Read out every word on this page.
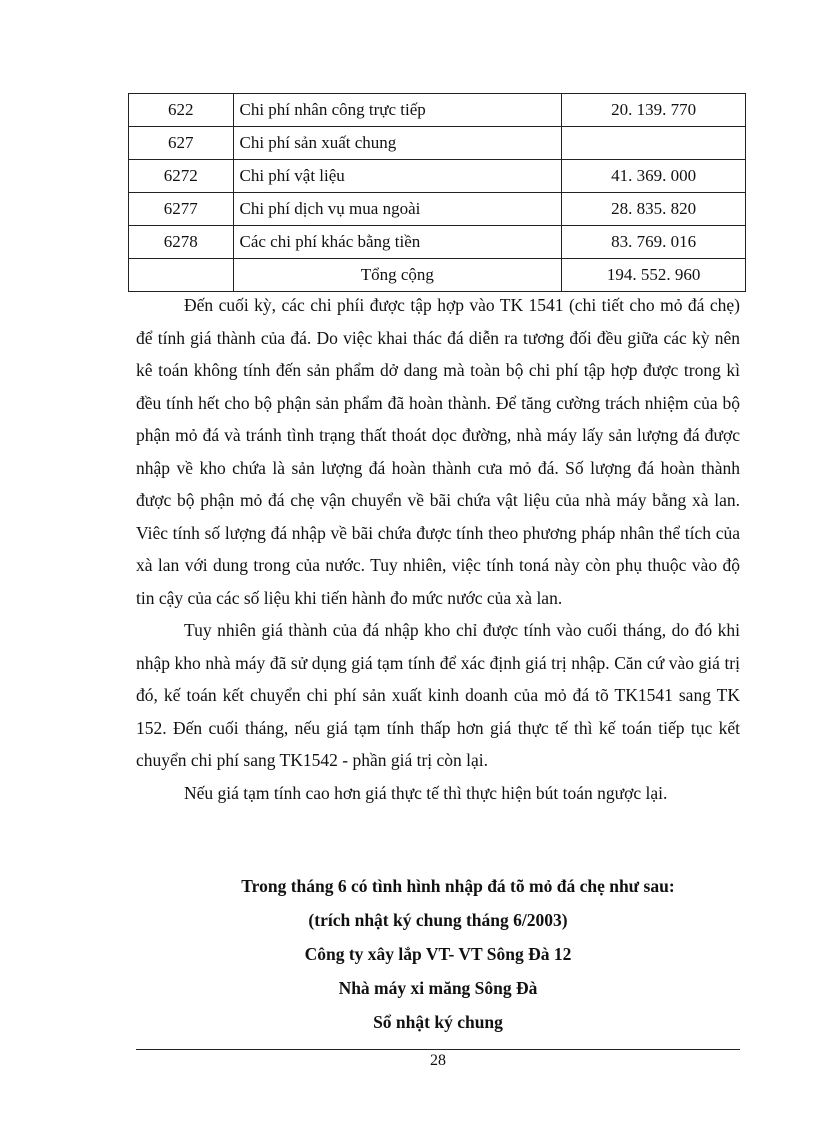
622	Chi phí nhân công trực tiếp	20. 139. 770
627	Chi phí sản xuất chung	
6272	Chi phí vật liệu	41. 369. 000
6277	Chi phí dịch vụ mua ngoài	28. 835. 820
6278	Các chi phí khác bằng tiền	83. 769. 016
	Tổng cộng	194. 552. 960

Đến cuối kỳ, các chi phíi được tập hợp vào TK 1541 (chi tiết cho mỏ đá chẹ) để tính giá thành của đá. Do việc khai thác đá diễn ra tương đối đều giữa các kỳ nên kê toán không tính đến sản phẩm dở dang mà toàn bộ chi phí tập hợp được trong kì đều tính hết cho bộ phận sản phẩm đã hoàn thành. Để tăng cường trách nhiệm của bộ phận mỏ đá và tránh tình trạng thất thoát dọc đường, nhà máy lấy sản lượng đá được nhập về kho chứa là sản lượng đá hoàn thành cưa mỏ đá. Số lượng đá hoàn thành được bộ phận mỏ đá chẹ vận chuyển về bãi chứa vật liệu của nhà máy bằng xà lan. Viêc tính số lượng đá nhập về bãi chứa được tính theo phương pháp nhân thể tích của xà lan với dung trong của nước. Tuy nhiên, việc tính toná này còn phụ thuộc vào độ tin cậy của các số liệu khi tiến hành đo mức nước của xà lan.

Tuy nhiên giá thành của đá nhập kho chỉ được tính vào cuối tháng, do đó khi nhập kho nhà máy đã sử dụng giá tạm tính để xác định giá trị nhập. Căn cứ vào giá trị đó, kế toán kết chuyển chi phí sản xuất kinh doanh của mỏ đá tõ TK1541 sang TK 152. Đến cuối tháng, nếu giá tạm tính thấp hơn giá thực tế thì kế toán tiếp tục kết chuyển chi phí sang TK1542 - phần giá trị còn lại.

Nếu giá tạm tính cao hơn giá thực tế thì thực hiện bút toán ngược lại.

Trong tháng 6 có tình hình nhập đá tõ mỏ đá chẹ như sau:
(trích nhật ký chung tháng 6/2003)
Công ty xây lắp VT- VT Sông Đà 12
Nhà máy xi măng Sông Đà
Sổ nhật ký chung
28
